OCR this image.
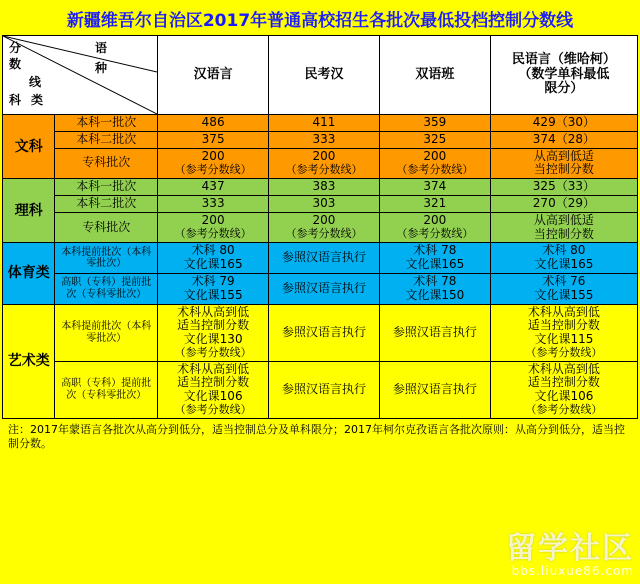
新疆维吾尔自治区2017年普通高校招生各批次最低投档控制分数线
分
数
线
语
种
科 类
	汉语言	民考汉	双语班	
民语言（维哈柯）
（数学单科最低
限分）

文科	本科一批次	486	411	359	429（30）
	本科二批次	375	333	325	374（28）
	专科批次	200
（参考分数线）	200
（参考分数线）	200
（参考分数线）	从高到低适
当控制分数

理科	本科一批次	437	383	374	325（33）
	本科二批次	333	303	321	270（29）
	专科批次	200
（参考分数线）	200
（参考分数线）	200
（参考分数线）	从高到低适
当控制分数

体育类	本科提前批次（本科零批次）	术科 80
文化课165	参照汉语言执行	术科 78
文化课165	术科 80
文化课165

	高职（专科）提前批次（专科零批次）	术科 79
文化课155	参照汉语言执行	术科 78
文化课150	术科 76
文化课155

艺术类	本科提前批次（本科零批次）	术科从高到低
适当控制分数
文化课130
（参考分数线）	参照汉语言执行	参照汉语言执行	术科从高到低
适当控制分数
文化课115
（参考分数线）

	高职（专科）提前批次（专科零批次）	术科从高到低
适当控制分数
文化课106
（参考分数线）	参照汉语言执行	参照汉语言执行	术科从高到低
适当控制分数
文化课106
（参考分数线）
注：2017年蒙语言各批次从高分到低分，适当控制总分及单科限分；2017年柯尔克孜语言各批次原则：从高分到低分，适当控制分数。
留学社区
bbs.liuxue86.com
